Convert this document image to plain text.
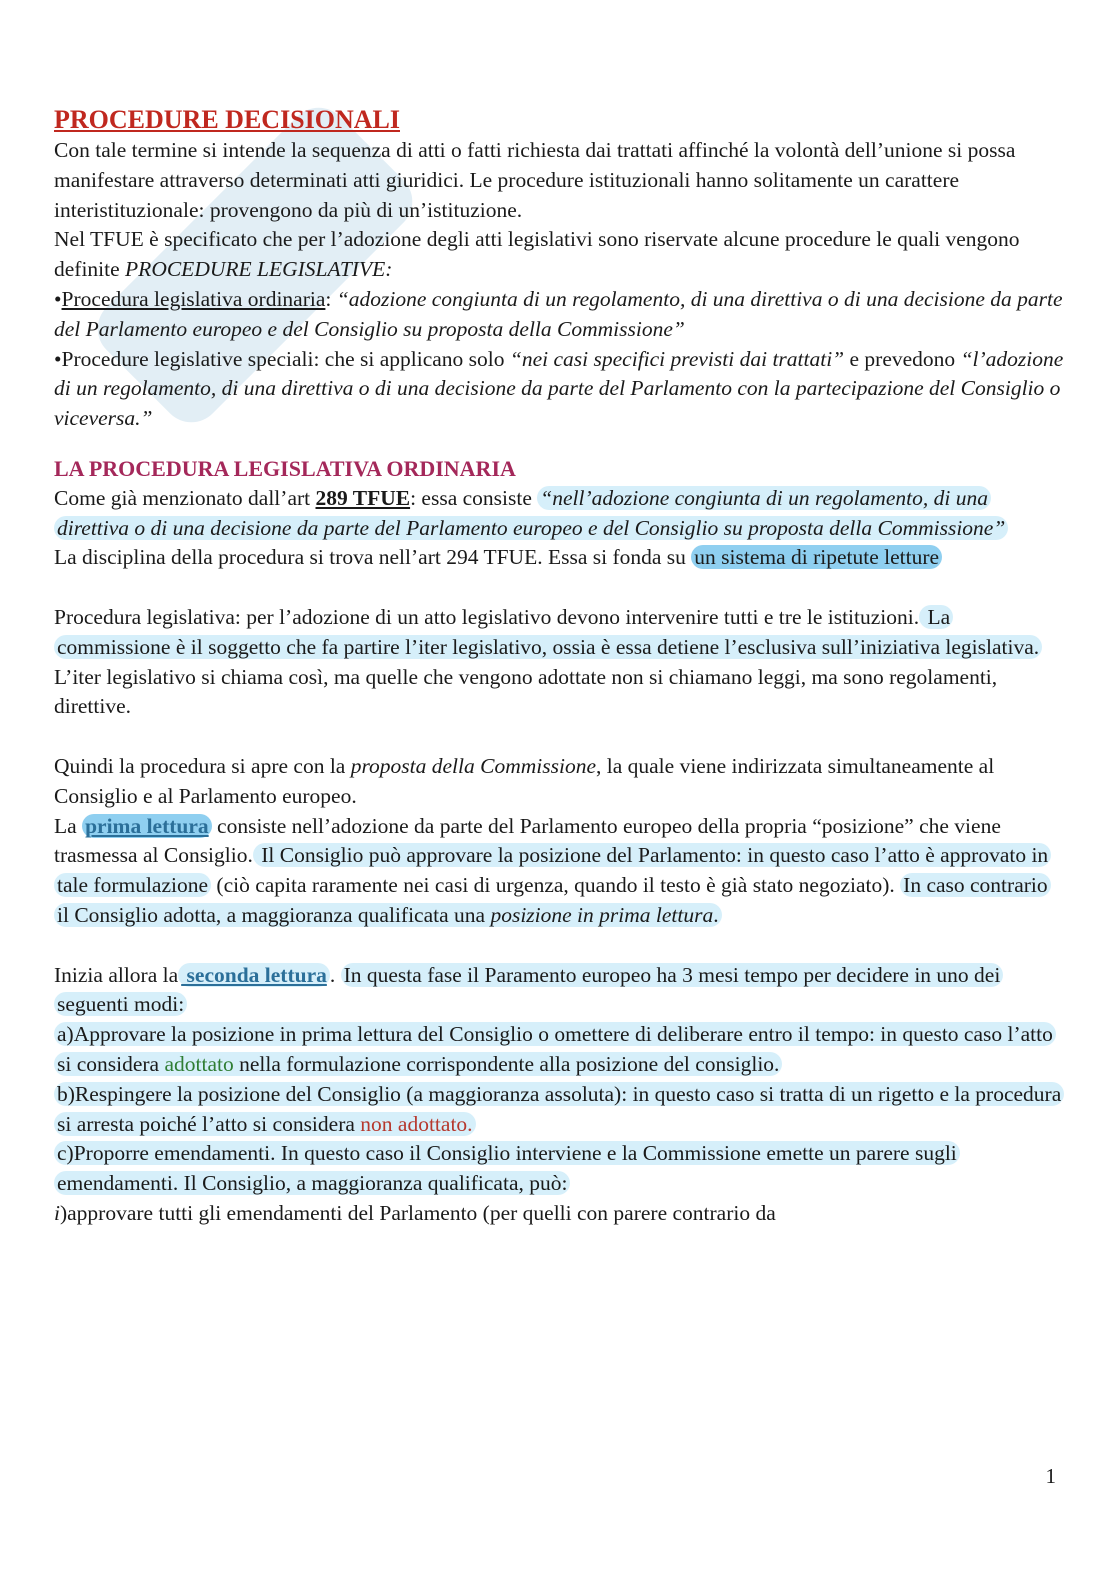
PROCEDURE DECISIONALI

Con tale termine si intende la sequenza di atti o fatti richiesta dai trattati affinché la volontà dell’unione si possa manifestare attraverso determinati atti giuridici. Le procedure istituzionali hanno solitamente un carattere interistituzionale: provengono da più di un’istituzione.

Nel TFUE è specificato che per l’adozione degli atti legislativi sono riservate alcune procedure le quali vengono definite PROCEDURE LEGISLATIVE:

•Procedura legislativa ordinaria: “adozione congiunta di un regolamento, di una direttiva o di una decisione da parte del Parlamento europeo e del Consiglio su proposta della Commissione”

•Procedure legislative speciali: che si applicano solo “nei casi specifici previsti dai trattati” e prevedono “l’adozione di un regolamento, di una direttiva o di una decisione da parte del Parlamento con la partecipazione del Consiglio o viceversa.”

LA PROCEDURA LEGISLATIVA ORDINARIA

Come già menzionato dall’art 289 TFUE: essa consiste “nell’adozione congiunta di un regolamento, di una direttiva o di una decisione da parte del Parlamento europeo e del Consiglio su proposta della Commissione”

La disciplina della procedura si trova nell’art 294 TFUE. Essa si fonda su un sistema di ripetute letture

Procedura legislativa: per l’adozione di un atto legislativo devono intervenire tutti e tre le istituzioni. La commissione è il soggetto che fa partire l’iter legislativo, ossia è essa detiene l’esclusiva sull’iniziativa legislativa.

L’iter legislativo si chiama così, ma quelle che vengono adottate non si chiamano leggi, ma sono regolamenti, direttive.

Quindi la procedura si apre con la proposta della Commissione, la quale viene indirizzata simultaneamente al Consiglio e al Parlamento europeo.

La prima lettura consiste nell’adozione da parte del Parlamento europeo della propria “posizione” che viene trasmessa al Consiglio. Il Consiglio può approvare la posizione del Parlamento: in questo caso l’atto è approvato in tale formulazione (ciò capita raramente nei casi di urgenza, quando il testo è già stato negoziato). In caso contrario il Consiglio adotta, a maggioranza qualificata una posizione in prima lettura.

Inizia allora la seconda lettura . In questa fase il Paramento europeo ha 3 mesi tempo per decidere in uno dei seguenti modi:

a)Approvare la posizione in prima lettura del Consiglio o omettere di deliberare entro il tempo: in questo caso l’atto si considera adottato nella formulazione corrispondente alla posizione del consiglio.

b)Respingere la posizione del Consiglio (a maggioranza assoluta): in questo caso si tratta di un rigetto e la procedura si arresta poiché l’atto si considera non adottato.

c)Proporre emendamenti. In questo caso il Consiglio interviene e la Commissione emette un parere sugli emendamenti. Il Consiglio, a maggioranza qualificata, può:

i)approvare tutti gli emendamenti del Parlamento (per quelli con parere contrario da

1
